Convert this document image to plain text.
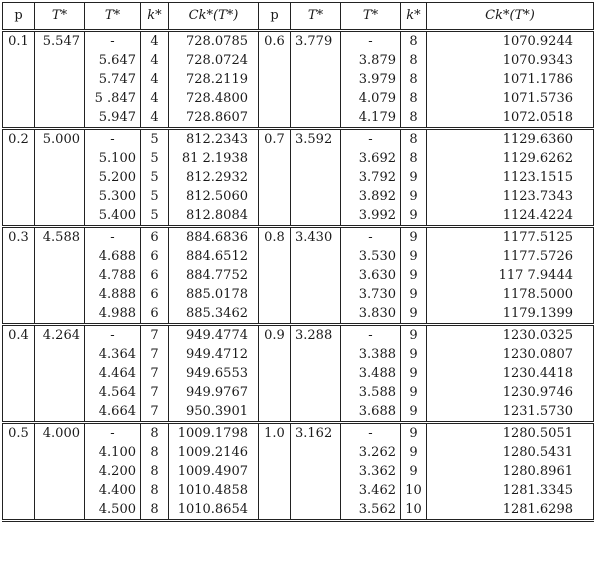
p	T*	T*	k*	Ck*(T*)	p	T*	T*	k*	Ck*(T*)
0.1	5.547	-	4	728.0785	0.6	3.779	-	8	1070.9244
		5.647	4	728.0724			3.879	8	1070.9343
		5.747	4	728.2119			3.979	8	1071.1786
		5 .847	4	728.4800			4.079	8	1071.5736
		5.947	4	728.8607			4.179	8	1072.0518
0.2	5.000	-	5	812.2343	0.7	3.592	-	8	1129.6360
		5.100	5	81 2.1938			3.692	8	1129.6262
		5.200	5	812.2932			3.792	9	1123.1515
		5.300	5	812.5060			3.892	9	1123.7343
		5.400	5	812.8084			3.992	9	1124.4224
0.3	4.588	-	6	884.6836	0.8	3.430	-	9	1177.5125
		4.688	6	884.6512			3.530	9	1177.5726
		4.788	6	884.7752			3.630	9	117 7.9444
		4.888	6	885.0178			3.730	9	1178.5000
		4.988	6	885.3462			3.830	9	1179.1399
0.4	4.264	-	7	949.4774	0.9	3.288	-	9	1230.0325
		4.364	7	949.4712			3.388	9	1230.0807
		4.464	7	949.6553			3.488	9	1230.4418
		4.564	7	949.9767			3.588	9	1230.9746
		4.664	7	950.3901			3.688	9	1231.5730
0.5	4.000	-	8	1009.1798	1.0	3.162	-	9	1280.5051
		4.100	8	1009.2146			3.262	9	1280.5431
		4.200	8	1009.4907			3.362	9	1280.8961
		4.400	8	1010.4858			3.462	10	1281.3345
		4.500	8	1010.8654			3.562	10	1281.6298
